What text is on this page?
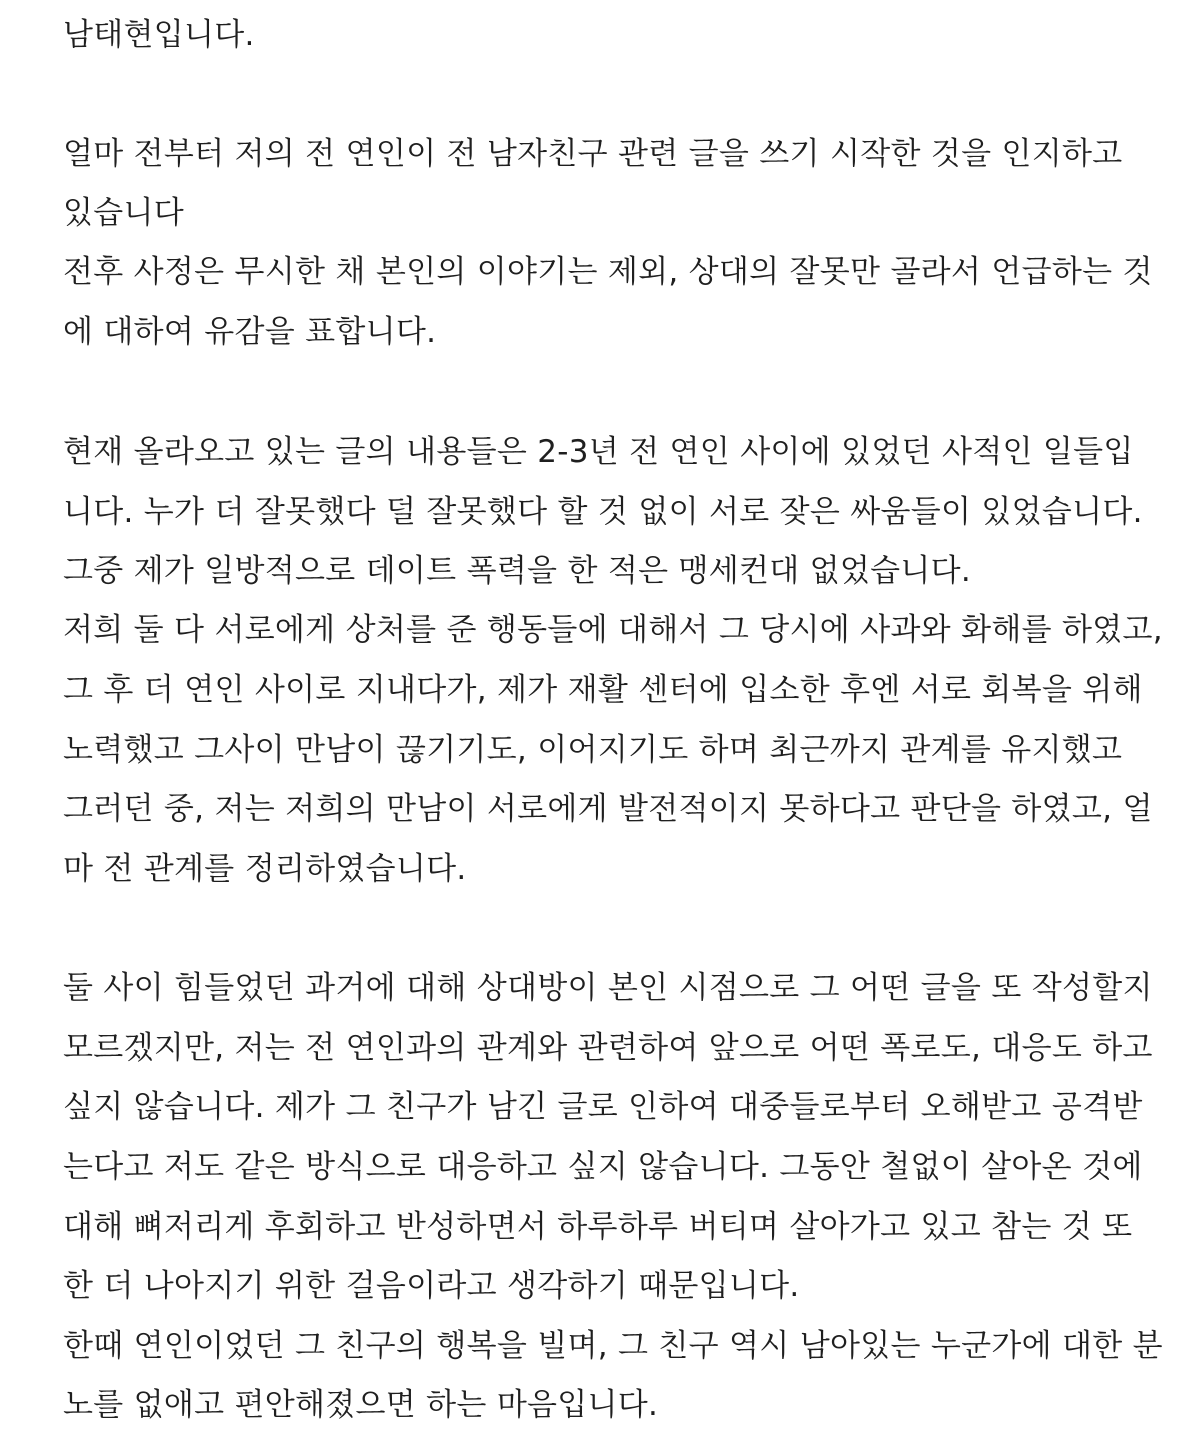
남태현입니다.
얼마 전부터 저의 전 연인이 전 남자친구 관련 글을 쓰기 시작한 것을 인지하고
있습니다
전후 사정은 무시한 채 본인의 이야기는 제외, 상대의 잘못만 골라서 언급하는 것
에 대하여 유감을 표합니다.
현재 올라오고 있는 글의 내용들은 2-3년 전 연인 사이에 있었던 사적인 일들입
니다. 누가 더 잘못했다 덜 잘못했다 할 것 없이 서로 잦은 싸움들이 있었습니다.
그중 제가 일방적으로 데이트 폭력을 한 적은 맹세컨대 없었습니다.
저희 둘 다 서로에게 상처를 준 행동들에 대해서 그 당시에 사과와 화해를 하였고,
그 후 더 연인 사이로 지내다가, 제가 재활 센터에 입소한 후엔 서로 회복을 위해
노력했고 그사이 만남이 끊기기도, 이어지기도 하며 최근까지 관계를 유지했고
그러던 중, 저는 저희의 만남이 서로에게 발전적이지 못하다고 판단을 하였고, 얼
마 전 관계를 정리하였습니다.
둘 사이 힘들었던 과거에 대해 상대방이 본인 시점으로 그 어떤 글을 또 작성할지
모르겠지만, 저는 전 연인과의 관계와 관련하여 앞으로 어떤 폭로도, 대응도 하고
싶지 않습니다. 제가 그 친구가 남긴 글로 인하여 대중들로부터 오해받고 공격받
는다고 저도 같은 방식으로 대응하고 싶지 않습니다. 그동안 철없이 살아온 것에
대해 뼈저리게 후회하고 반성하면서 하루하루 버티며 살아가고 있고 참는 것 또
한 더 나아지기 위한 걸음이라고 생각하기 때문입니다.
한때 연인이었던 그 친구의 행복을 빌며, 그 친구 역시 남아있는 누군가에 대한 분
노를 없애고 편안해졌으면 하는 마음입니다.
